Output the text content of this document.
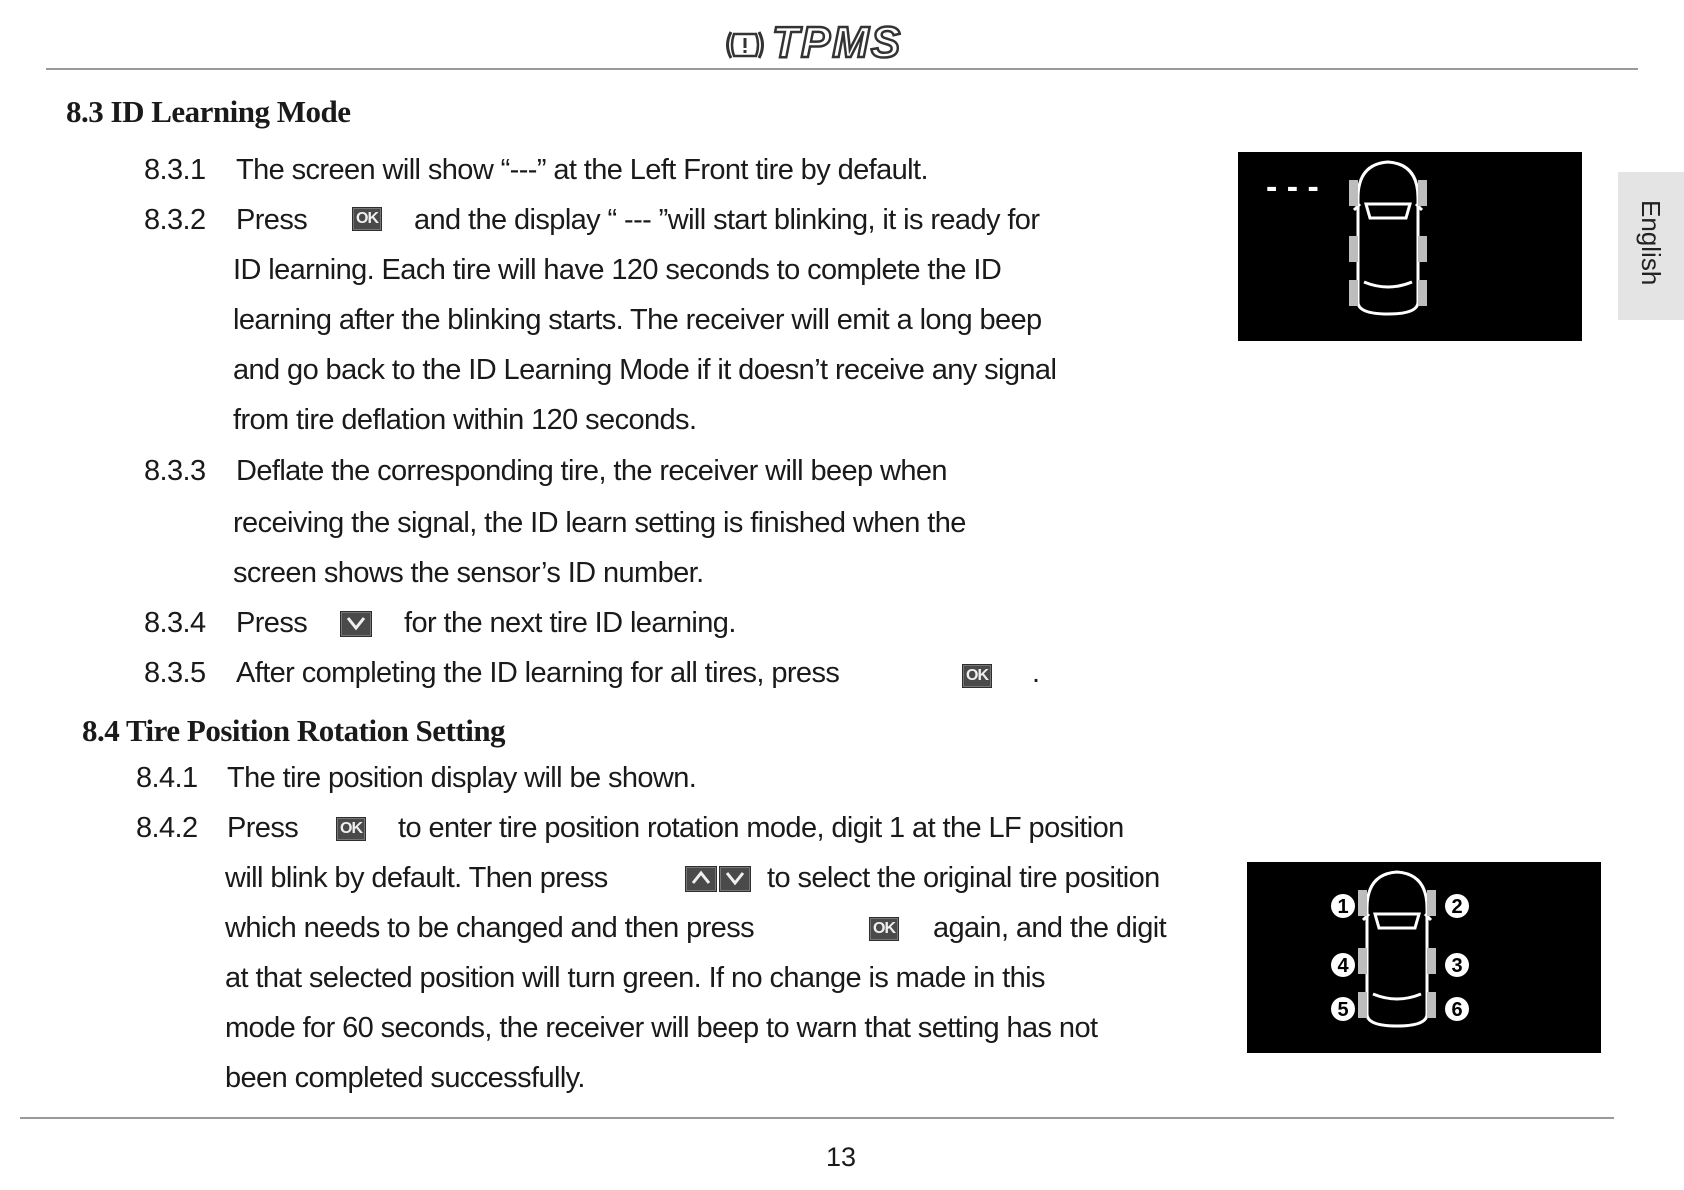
TPMS
English
8.3 ID Learning Mode
8.3.1 The screen will show “---” at the Left Front tire by default.
8.3.2 Press	OK and the display “ --- ”will start blinking, it is ready for
ID learning. Each tire will have 120 seconds to complete the ID
learning after the blinking starts. The receiver will emit a long beep
and go back to the ID Learning Mode if it doesn’t receive any signal
from tire deflation within 120 seconds.
8.3.3 Deflate the corresponding tire, the receiver will beep when
receiving the signal, the ID learn setting is finished when the
screen shows the sensor’s ID number.
8.3.4 Press	for the next tire ID learning.
8.3.5 After completing the ID learning for all tires, press	OK .
8.4 Tire Position Rotation Setting
8.4.1 The tire position display will be shown.
8.4.2 Press	OK to enter tire position rotation mode, digit 1 at the LF position
will blink by default. Then press	to select the original tire position
which needs to be changed and then press	OK again, and the digit
at that selected position will turn green. If no change is made in this
mode for 60 seconds, the receiver will beep to warn that setting has not
been completed successfully.
- - -
1	2
3
4
5	6
13
